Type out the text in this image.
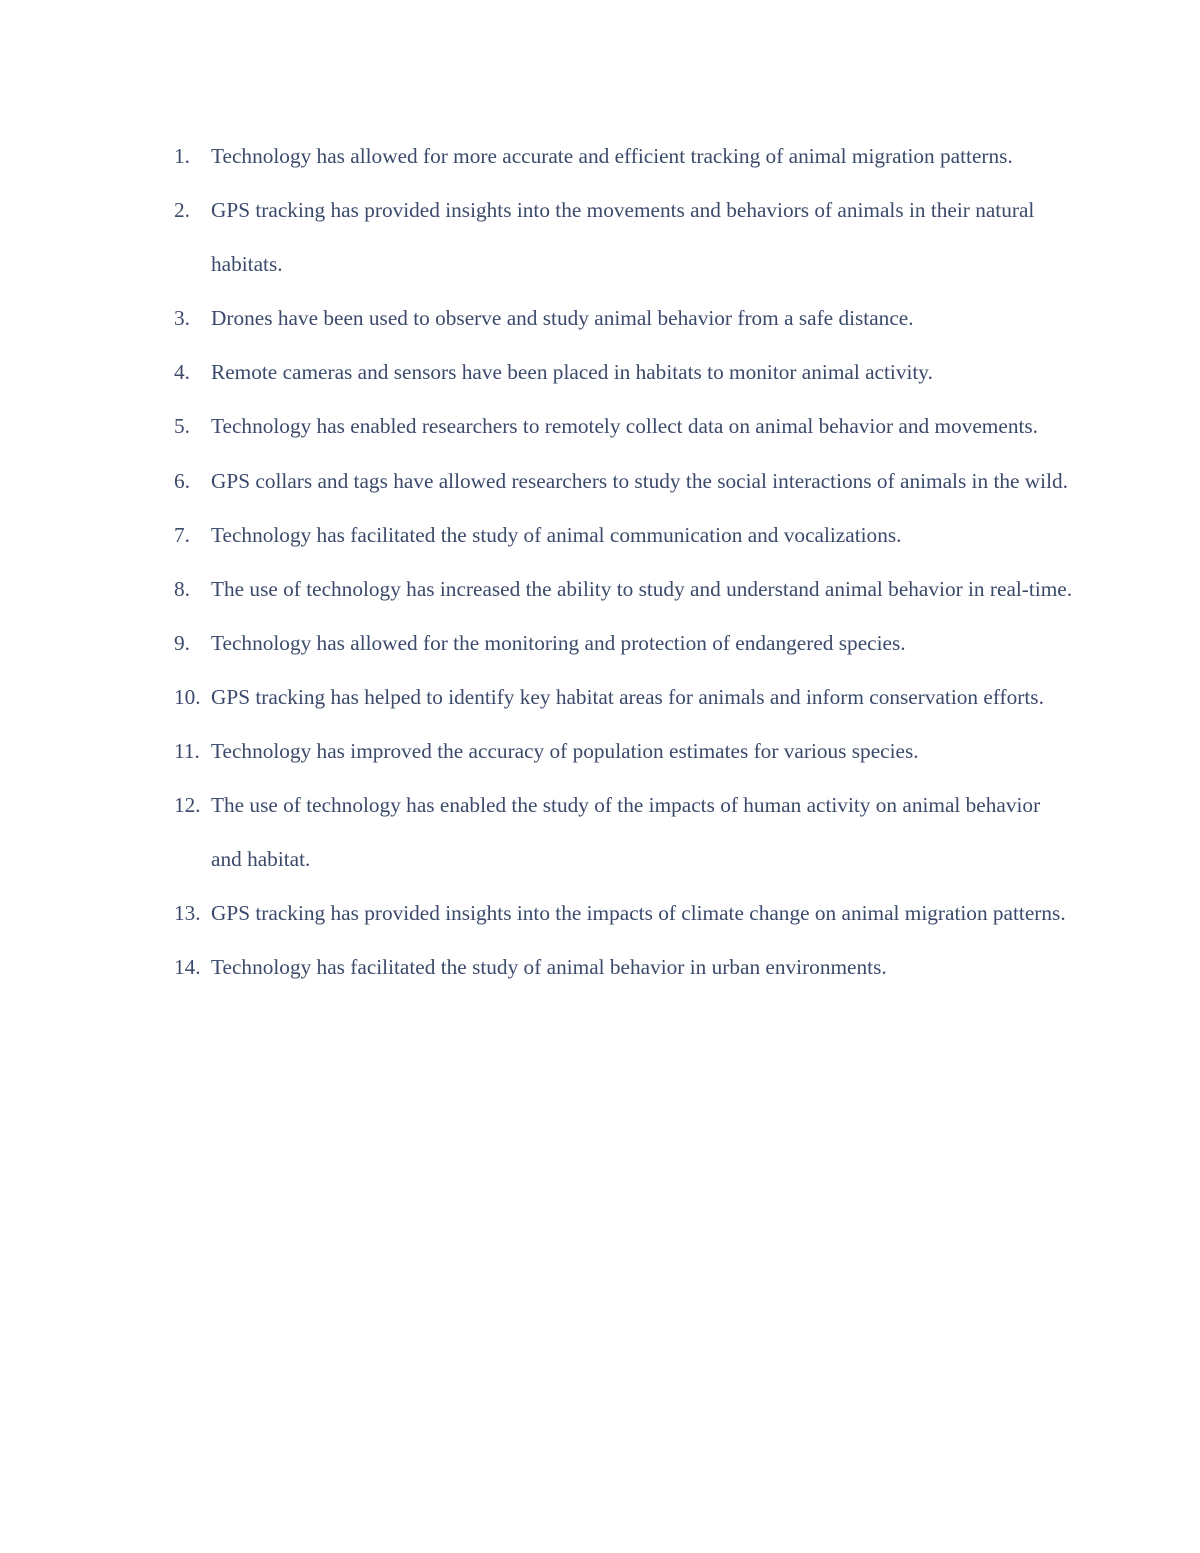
1. Technology has allowed for more accurate and efficient tracking of animal migration patterns.
2. GPS tracking has provided insights into the movements and behaviors of animals in their natural habitats.
3. Drones have been used to observe and study animal behavior from a safe distance.
4. Remote cameras and sensors have been placed in habitats to monitor animal activity.
5. Technology has enabled researchers to remotely collect data on animal behavior and movements.
6. GPS collars and tags have allowed researchers to study the social interactions of animals in the wild.
7. Technology has facilitated the study of animal communication and vocalizations.
8. The use of technology has increased the ability to study and understand animal behavior in real-time.
9. Technology has allowed for the monitoring and protection of endangered species.
10. GPS tracking has helped to identify key habitat areas for animals and inform conservation efforts.
11. Technology has improved the accuracy of population estimates for various species.
12. The use of technology has enabled the study of the impacts of human activity on animal behavior and habitat.
13. GPS tracking has provided insights into the impacts of climate change on animal migration patterns.
14. Technology has facilitated the study of animal behavior in urban environments.
